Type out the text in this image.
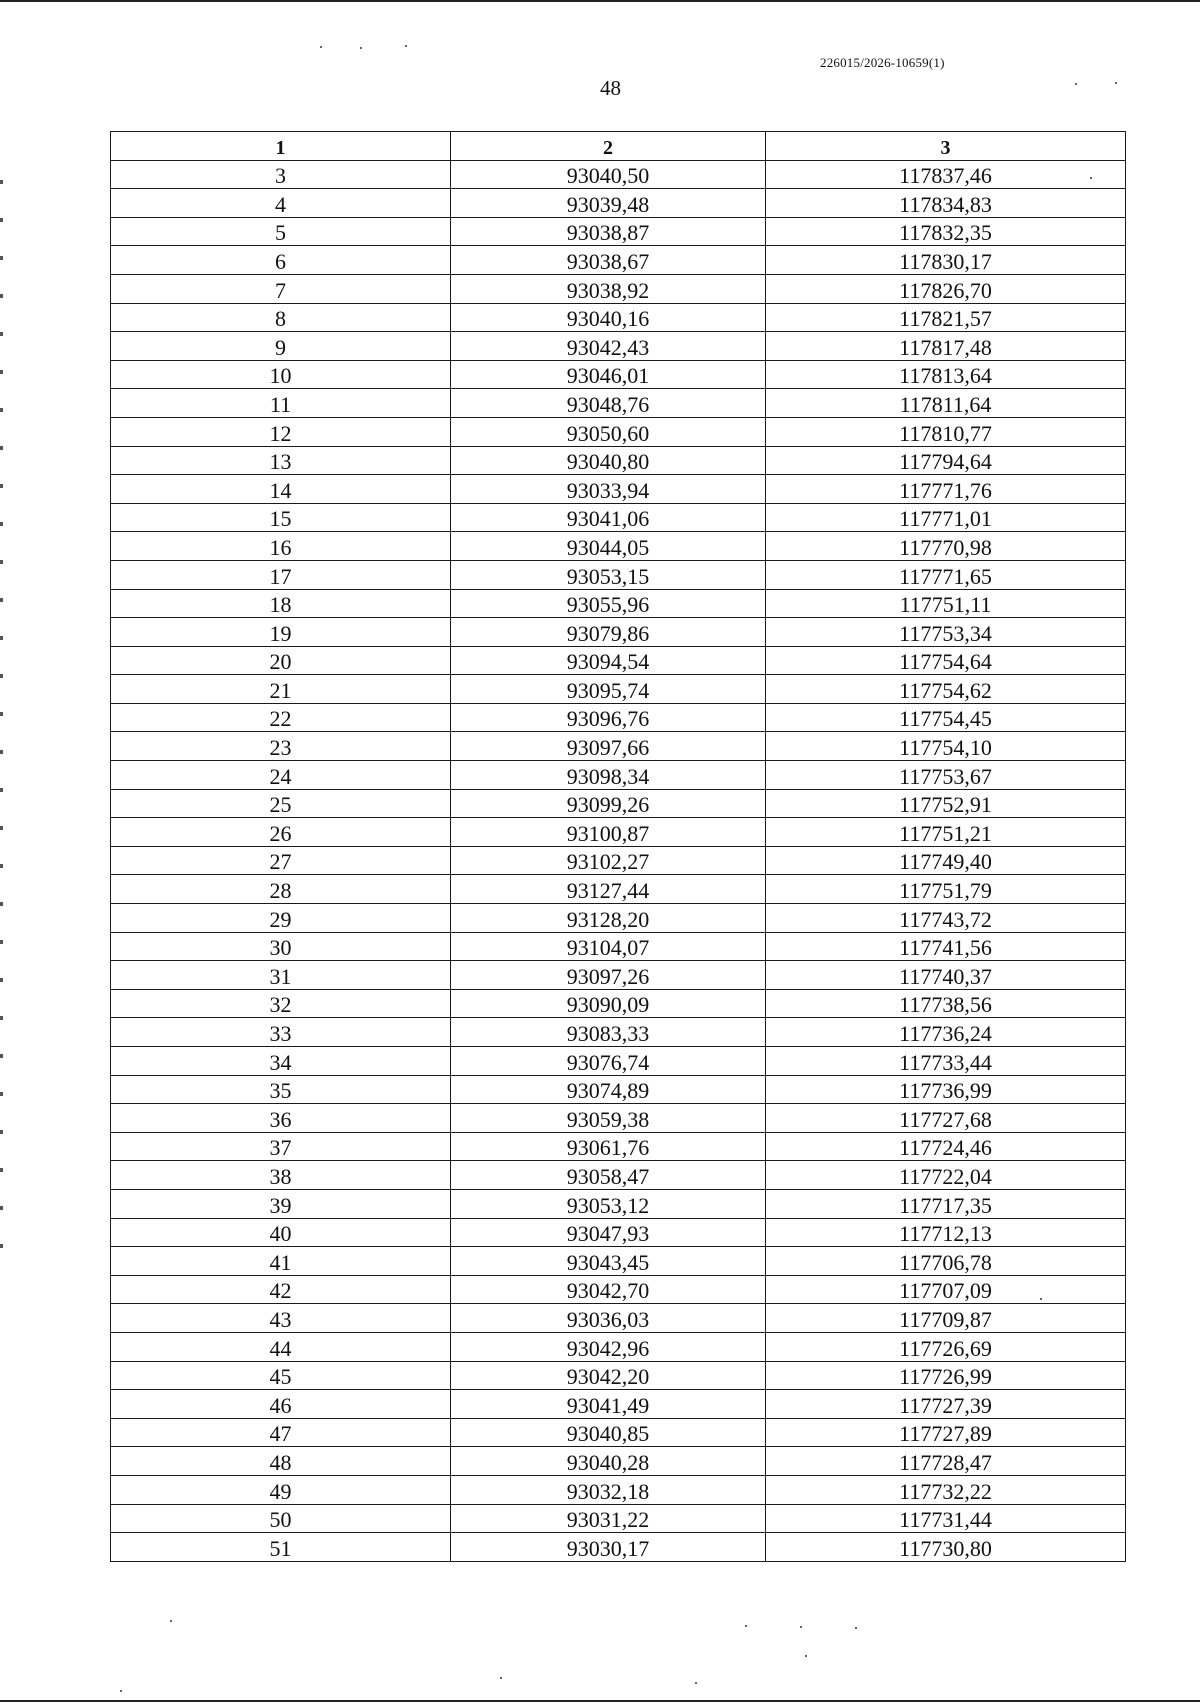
226015/2026-10659(1)
48
1	2	3
3	93040,50	117837,46
4	93039,48	117834,83
5	93038,87	117832,35
6	93038,67	117830,17
7	93038,92	117826,70
8	93040,16	117821,57
9	93042,43	117817,48
10	93046,01	117813,64
11	93048,76	117811,64
12	93050,60	117810,77
13	93040,80	117794,64
14	93033,94	117771,76
15	93041,06	117771,01
16	93044,05	117770,98
17	93053,15	117771,65
18	93055,96	117751,11
19	93079,86	117753,34
20	93094,54	117754,64
21	93095,74	117754,62
22	93096,76	117754,45
23	93097,66	117754,10
24	93098,34	117753,67
25	93099,26	117752,91
26	93100,87	117751,21
27	93102,27	117749,40
28	93127,44	117751,79
29	93128,20	117743,72
30	93104,07	117741,56
31	93097,26	117740,37
32	93090,09	117738,56
33	93083,33	117736,24
34	93076,74	117733,44
35	93074,89	117736,99
36	93059,38	117727,68
37	93061,76	117724,46
38	93058,47	117722,04
39	93053,12	117717,35
40	93047,93	117712,13
41	93043,45	117706,78
42	93042,70	117707,09
43	93036,03	117709,87
44	93042,96	117726,69
45	93042,20	117726,99
46	93041,49	117727,39
47	93040,85	117727,89
48	93040,28	117728,47
49	93032,18	117732,22
50	93031,22	117731,44
51	93030,17	117730,80
